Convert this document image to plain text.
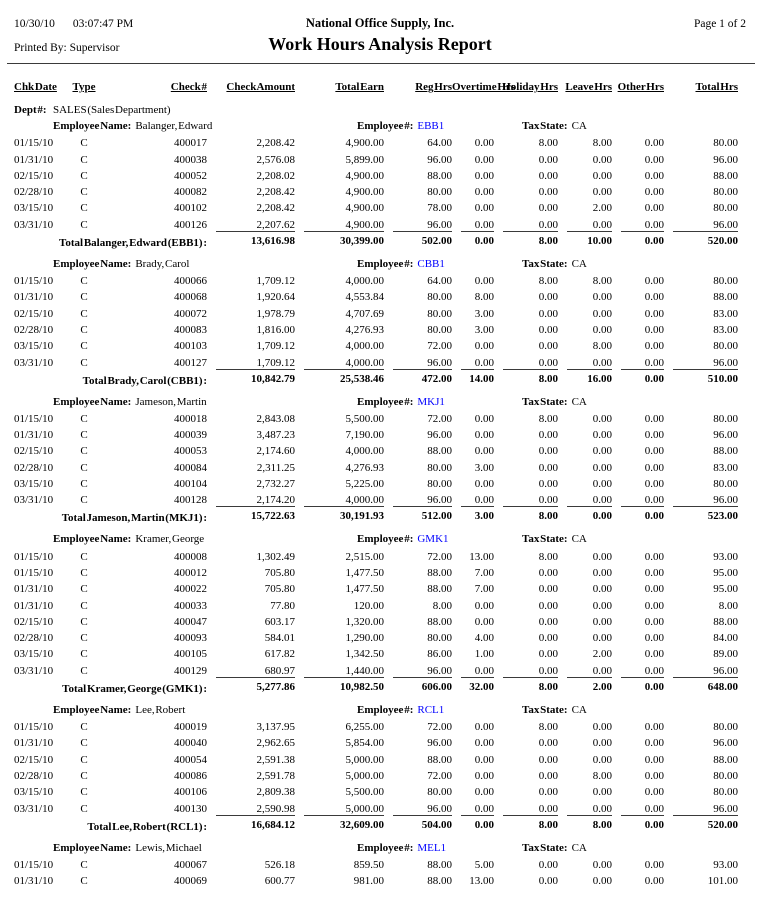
10/30/10 03:07:47 PM	National Office Supply, Inc.	Page 1 of 2
Printed By: Supervisor	Work Hours Analysis Report
Chk Date	Type	Check #	Check Amount	Total Earn	Reg Hrs	Overtime Hrs	Holiday Hrs	Leave Hrs	Other Hrs	Total Hrs

Dept #: SALES (Sales Department)										

Employee Name: Balanger, Edward Employee #: EBB1 Tax State: CA										

01/15/10	C	400017	2,208.42	4,900.00	64.00	0.00	8.00	8.00	0.00	80.00
01/31/10	C	400038	2,576.08	5,899.00	96.00	0.00	0.00	0.00	0.00	96.00
02/15/10	C	400052	2,208.02	4,900.00	88.00	0.00	0.00	0.00	0.00	88.00
02/28/10	C	400082	2,208.42	4,900.00	80.00	0.00	0.00	0.00	0.00	80.00
03/15/10	C	400102	2,208.42	4,900.00	78.00	0.00	0.00	2.00	0.00	80.00
03/31/10	C	400126	2,207.62	4,900.00	96.00	0.00	0.00	0.00	0.00	96.00
Total Balanger, Edward (EBB1) :			13,616.98	30,399.00	502.00	0.00	8.00	10.00	0.00	520.00

Employee Name: Brady, Carol Employee #: CBB1 Tax State: CA										

01/15/10	C	400066	1,709.12	4,000.00	64.00	0.00	8.00	8.00	0.00	80.00
01/31/10	C	400068	1,920.64	4,553.84	80.00	8.00	0.00	0.00	0.00	88.00
02/15/10	C	400072	1,978.79	4,707.69	80.00	3.00	0.00	0.00	0.00	83.00
02/28/10	C	400083	1,816.00	4,276.93	80.00	3.00	0.00	0.00	0.00	83.00
03/15/10	C	400103	1,709.12	4,000.00	72.00	0.00	0.00	8.00	0.00	80.00
03/31/10	C	400127	1,709.12	4,000.00	96.00	0.00	0.00	0.00	0.00	96.00
Total Brady, Carol (CBB1) :			10,842.79	25,538.46	472.00	14.00	8.00	16.00	0.00	510.00

Employee Name: Jameson, Martin Employee #: MKJ1 Tax State: CA										

01/15/10	C	400018	2,843.08	5,500.00	72.00	0.00	8.00	0.00	0.00	80.00
01/31/10	C	400039	3,487.23	7,190.00	96.00	0.00	0.00	0.00	0.00	96.00
02/15/10	C	400053	2,174.60	4,000.00	88.00	0.00	0.00	0.00	0.00	88.00
02/28/10	C	400084	2,311.25	4,276.93	80.00	3.00	0.00	0.00	0.00	83.00
03/15/10	C	400104	2,732.27	5,225.00	80.00	0.00	0.00	0.00	0.00	80.00
03/31/10	C	400128	2,174.20	4,000.00	96.00	0.00	0.00	0.00	0.00	96.00
Total Jameson, Martin (MKJ1) :			15,722.63	30,191.93	512.00	3.00	8.00	0.00	0.00	523.00

Employee Name: Kramer, George Employee #: GMK1 Tax State: CA										

01/15/10	C	400008	1,302.49	2,515.00	72.00	13.00	8.00	0.00	0.00	93.00
01/15/10	C	400012	705.80	1,477.50	88.00	7.00	0.00	0.00	0.00	95.00
01/31/10	C	400022	705.80	1,477.50	88.00	7.00	0.00	0.00	0.00	95.00
01/31/10	C	400033	77.80	120.00	8.00	0.00	0.00	0.00	0.00	8.00
02/15/10	C	400047	603.17	1,320.00	88.00	0.00	0.00	0.00	0.00	88.00
02/28/10	C	400093	584.01	1,290.00	80.00	4.00	0.00	0.00	0.00	84.00
03/15/10	C	400105	617.82	1,342.50	86.00	1.00	0.00	2.00	0.00	89.00
03/31/10	C	400129	680.97	1,440.00	96.00	0.00	0.00	0.00	0.00	96.00
Total Kramer, George (GMK1) :			5,277.86	10,982.50	606.00	32.00	8.00	2.00	0.00	648.00

Employee Name: Lee, Robert Employee #: RCL1 Tax State: CA										

01/15/10	C	400019	3,137.95	6,255.00	72.00	0.00	8.00	0.00	0.00	80.00
01/31/10	C	400040	2,962.65	5,854.00	96.00	0.00	0.00	0.00	0.00	96.00
02/15/10	C	400054	2,591.38	5,000.00	88.00	0.00	0.00	0.00	0.00	88.00
02/28/10	C	400086	2,591.78	5,000.00	72.00	0.00	0.00	8.00	0.00	80.00
03/15/10	C	400106	2,809.38	5,500.00	80.00	0.00	0.00	0.00	0.00	80.00
03/31/10	C	400130	2,590.98	5,000.00	96.00	0.00	0.00	0.00	0.00	96.00
Total Lee, Robert (RCL1) :			16,684.12	32,609.00	504.00	0.00	8.00	8.00	0.00	520.00

Employee Name: Lewis, Michael Employee #: MEL1 Tax State: CA										

01/15/10	C	400067	526.18	859.50	88.00	5.00	0.00	0.00	0.00	93.00
01/31/10	C	400069	600.77	981.00	88.00	13.00	0.00	0.00	0.00	101.00
